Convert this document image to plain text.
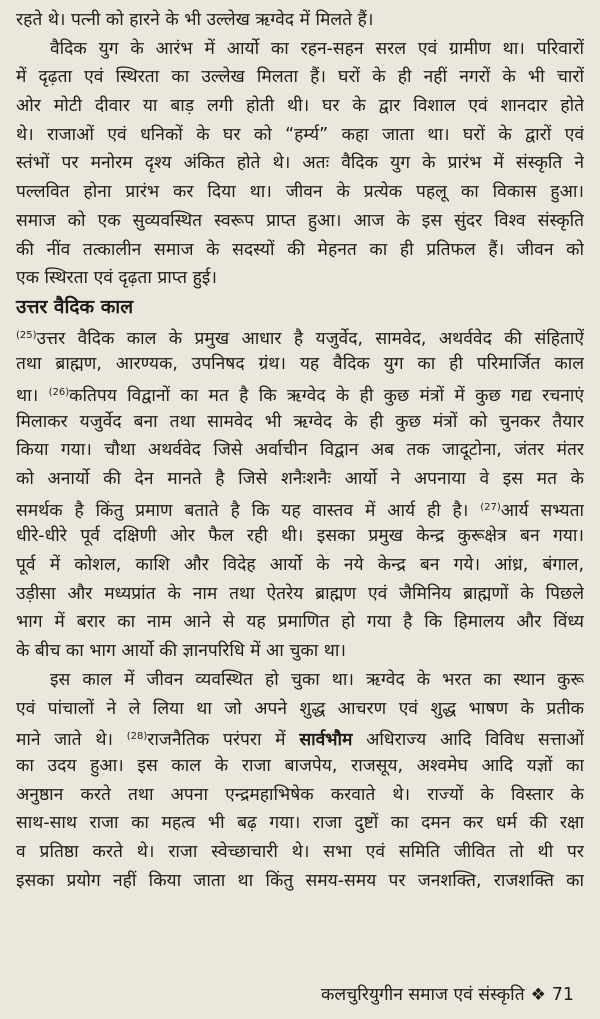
रहते थे। पत्नी को हारने के भी उल्लेख ऋग्वेद में मिलते हैं।
वैदिक युग के आरंभ में आर्यो का रहन-सहन सरल एवं ग्रामीण था। परिवारों
में दृढ़ता एवं स्थिरता का उल्लेख मिलता हैं। घरों के ही नहीं नगरों के भी चारों
ओर मोटी दीवार या बाड़ लगी होती थी। घर के द्वार विशाल एवं शानदार होते
थे। राजाओं एवं धनिकों के घर को “हर्म्य” कहा जाता था। घरों के द्वारों एवं
स्तंभों पर मनोरम दृश्य अंकित होते थे। अतः वैदिक युग के प्रारंभ में संस्कृति ने
पल्लवित होना प्रारंभ कर दिया था। जीवन के प्रत्येक पहलू का विकास हुआ।
समाज को एक सुव्यवस्थित स्वरूप प्राप्त हुआ। आज के इस सुंदर विश्व संस्कृति
की नींव तत्कालीन समाज के सदस्यों की मेहनत का ही प्रतिफल हैं। जीवन को
एक स्थिरता एवं दृढ़ता प्राप्त हुई।
उत्तर वैदिक काल
$^{(25)}$उत्तर वैदिक काल के प्रमुख आधार है यजुर्वेद, सामवेद, अथर्ववेद की संहिताऐं
तथा ब्राह्मण, आरण्यक, उपनिषद ग्रंथ। यह वैदिक युग का ही परिमार्जित काल
था। $^{(26)}$कतिपय विद्वानों का मत है कि ऋग्वेद के ही कुछ मंत्रों में कुछ गद्य रचनाएं
मिलाकर यजुर्वेद बना तथा सामवेद भी ऋग्वेद के ही कुछ मंत्रों को चुनकर तैयार
किया गया। चौथा अथर्ववेद जिसे अर्वाचीन विद्वान अब तक जादूटोना, जंतर मंतर
को अनार्यो की देन मानते है जिसे शनैःशनैः आर्यो ने अपनाया वे इस मत के
समर्थक है किंतु प्रमाण बताते है कि यह वास्तव में आर्य ही है। $^{(27)}$आर्य सभ्यता
धीरे-धीरे पूर्व दक्षिणी ओर फैल रही थी। इसका प्रमुख केन्द्र कुरूक्षेत्र बन गया।
पूर्व में कोशल, काशि और विदेह आर्यो के नये केन्द्र बन गये। आंध्र, बंगाल,
उड़ीसा और मध्यप्रांत के नाम तथा ऐतरेय ब्राह्मण एवं जैमिनिय ब्राह्मणों के पिछले
भाग में बरार का नाम आने से यह प्रमाणित हो गया है कि हिमालय और विंध्य
के बीच का भाग आर्यो की ज्ञानपरिधि में आ चुका था।
इस काल में जीवन व्यवस्थित हो चुका था। ऋग्वेद के भरत का स्थान कुरू
एवं पांचालों ने ले लिया था जो अपने शुद्ध आचरण एवं शुद्ध भाषण के प्रतीक
माने जाते थे। $^{(28)}$राजनैतिक परंपरा में सार्वभौम अधिराज्य आदि विविध सत्ताओं
का उदय हुआ। इस काल के राजा बाजपेय, राजसूय, अश्वमेघ आदि यज्ञों का
अनुष्ठान करते तथा अपना एन्द्रमहाभिषेक करवाते थे। राज्यों के विस्तार के
साथ-साथ राजा का महत्व भी बढ़ गया। राजा दुष्टों का दमन कर धर्म की रक्षा
व प्रतिष्ठा करते थे। राजा स्वेच्छाचारी थे। सभा एवं समिति जीवित तो थी पर
इसका प्रयोग नहीं किया जाता था किंतु समय-समय पर जनशक्ति, राजशक्ति का
कलचुरियुगीन समाज एवं संस्कृति ❖ 71
